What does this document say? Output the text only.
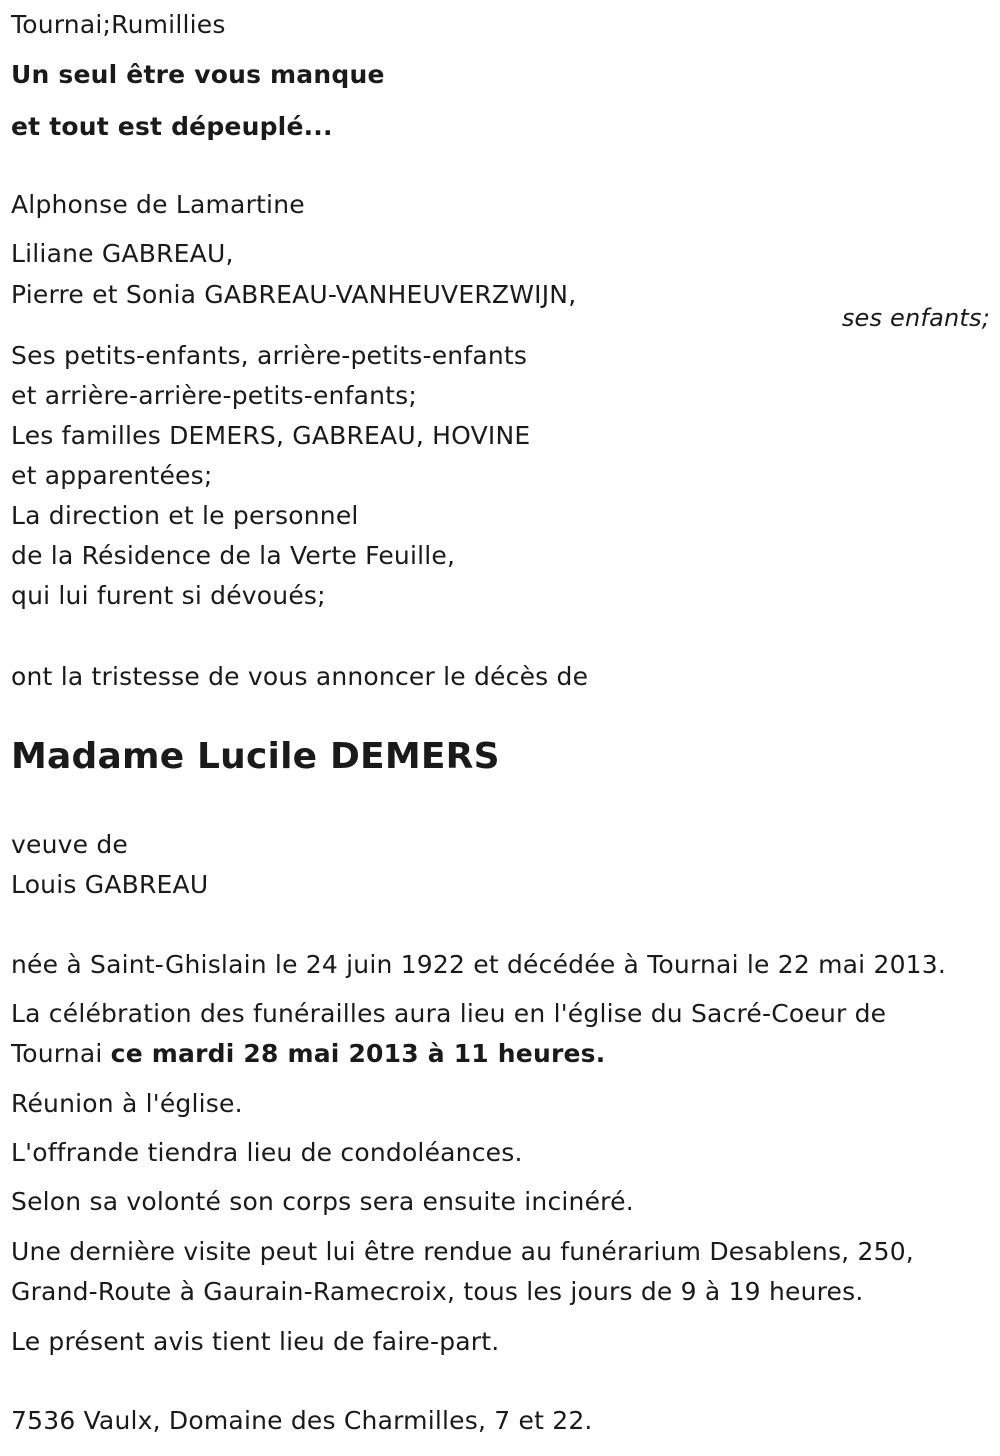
Tournai;Rumillies
Un seul être vous manque
et tout est dépeuplé...
Alphonse de Lamartine
Liliane GABREAU,
Pierre et Sonia GABREAU-VANHEUVERZWIJN,
ses enfants;
Ses petits-enfants, arrière-petits-enfants
et arrière-arrière-petits-enfants;
Les familles DEMERS, GABREAU, HOVINE
et apparentées;
La direction et le personnel
de la Résidence de la Verte Feuille,
qui lui furent si dévoués;
ont la tristesse de vous annoncer le décès de
Madame Lucile DEMERS
veuve de
Louis GABREAU
née à Saint-Ghislain le 24 juin 1922 et décédée à Tournai le 22 mai 2013.
La célébration des funérailles aura lieu en l'église du Sacré-Coeur de
Tournai ce mardi 28 mai 2013 à 11 heures.
Réunion à l'église.
L'offrande tiendra lieu de condoléances.
Selon sa volonté son corps sera ensuite incinéré.
Une dernière visite peut lui être rendue au funérarium Desablens, 250,
Grand-Route à Gaurain-Ramecroix, tous les jours de 9 à 19 heures.
Le présent avis tient lieu de faire-part.
7536 Vaulx, Domaine des Charmilles, 7 et 22.
